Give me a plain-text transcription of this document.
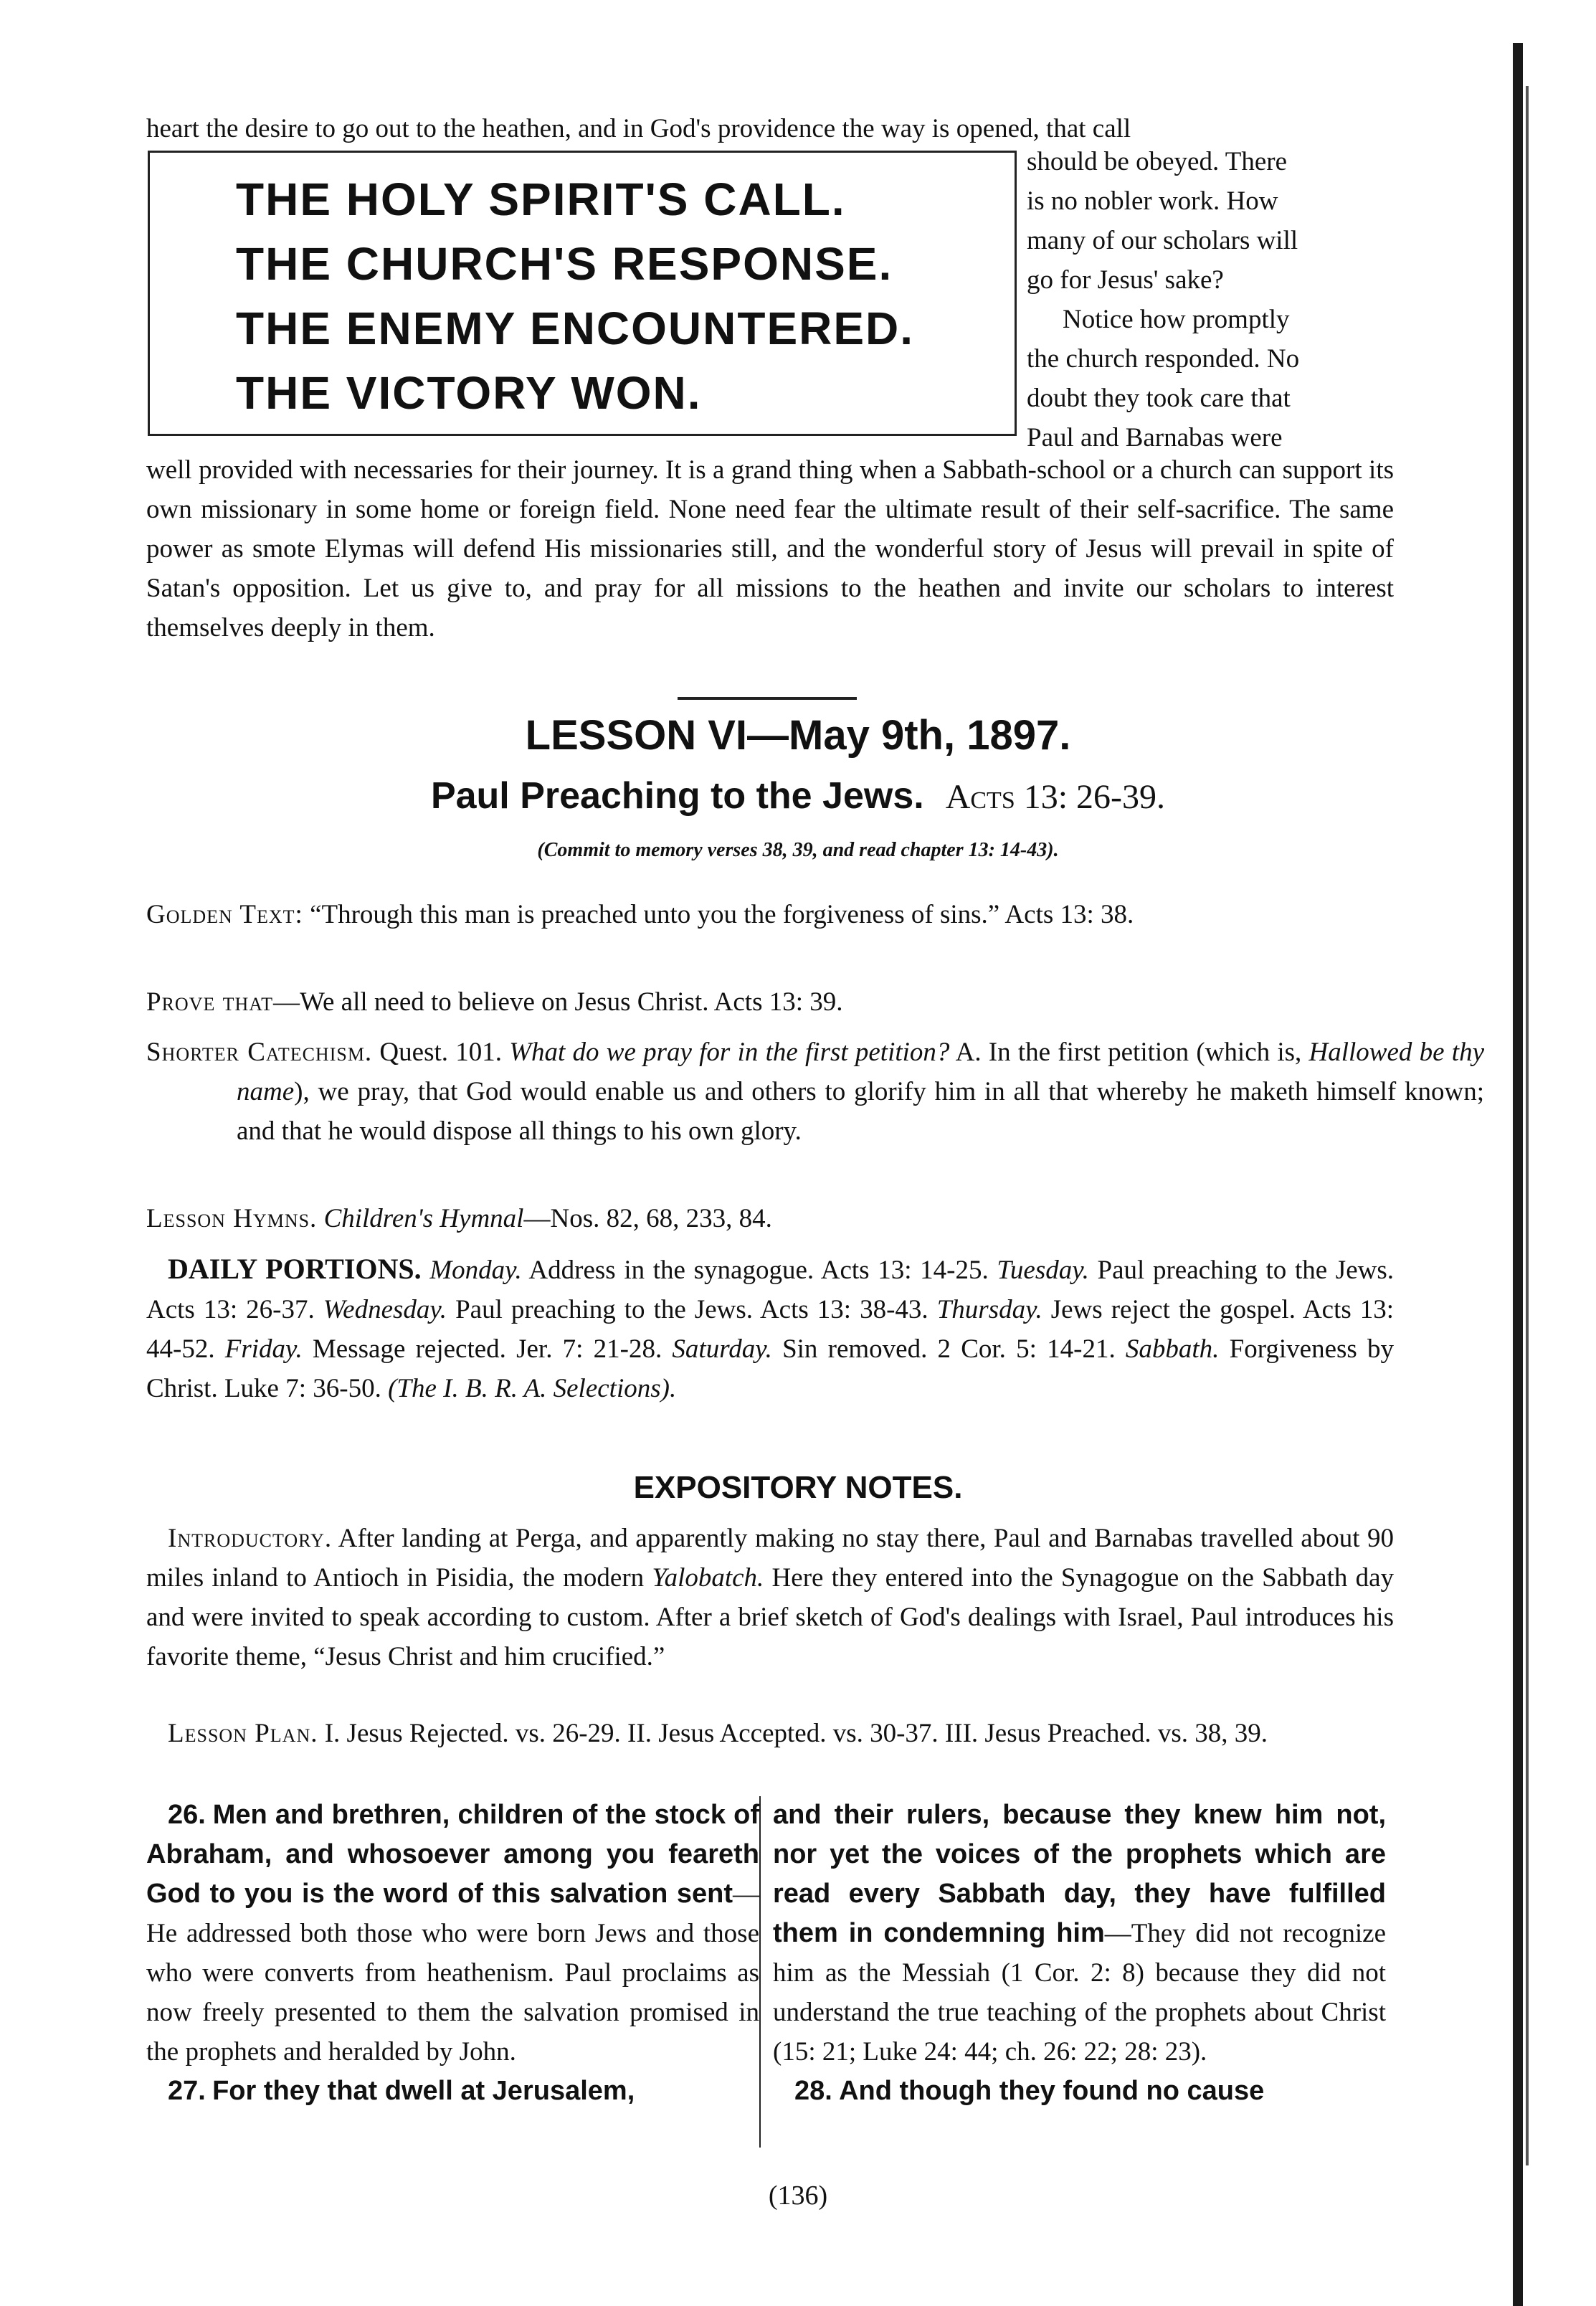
heart the desire to go out to the heathen, and in God's providence the way is opened, that call

THE HOLY SPIRIT'S CALL.
THE CHURCH'S RESPONSE.
THE ENEMY ENCOUNTERED.
THE VICTORY WON.
should be obeyed. There
is no nobler work. How
many of our scholars will
go for Jesus' sake?
Notice how promptly
the church responded. No
doubt they took care that
Paul and Barnabas were

well provided with necessaries for their journey. It is a grand thing when a Sabbath-school or a church can support its own missionary in some home or foreign field. None need fear the ultimate result of their self-sacrifice. The same power as smote Elymas will defend His missionaries still, and the wonderful story of Jesus will prevail in spite of Satan's opposition. Let us give to, and pray for all missions to the heathen and invite our scholars to interest themselves deeply in them.

LESSON VI—May 9th, 1897.
Paul Preaching to the Jews. Acts 13: 26-39.
(Commit to memory verses 38, 39, and read chapter 13: 14-43).
Golden Text: “Through this man is preached unto you the forgiveness of sins.” Acts 13: 38.
Prove that—We all need to believe on Jesus Christ. Acts 13: 39.
Shorter Catechism. Quest. 101. What do we pray for in the first petition? A. In the first petition (which is, Hallowed be thy name), we pray, that God would enable us and others to glorify him in all that whereby he maketh himself known; and that he would dispose all things to his own glory.
Lesson Hymns. Children's Hymnal—Nos. 82, 68, 233, 84.
DAILY PORTIONS. Monday. Address in the synagogue. Acts 13: 14-25. Tuesday. Paul preaching to the Jews. Acts 13: 26-37. Wednesday. Paul preaching to the Jews. Acts 13: 38-43. Thursday. Jews reject the gospel. Acts 13: 44-52. Friday. Message rejected. Jer. 7: 21-28. Saturday. Sin removed. 2 Cor. 5: 14-21. Sabbath. Forgiveness by Christ. Luke 7: 36-50. (The I. B. R. A. Selections).
EXPOSITORY NOTES.
Introductory. After landing at Perga, and apparently making no stay there, Paul and Barnabas travelled about 90 miles inland to Antioch in Pisidia, the modern Yalobatch. Here they entered into the Synagogue on the Sabbath day and were invited to speak according to custom. After a brief sketch of God's dealings with Israel, Paul introduces his favorite theme, “Jesus Christ and him crucified.”
Lesson Plan. I. Jesus Rejected. vs. 26-29. II. Jesus Accepted. vs. 30-37. III. Jesus Preached. vs. 38, 39.
26. Men and brethren, children of the stock of Abraham, and whosoever among you feareth God to you is the word of this salvation sent—He addressed both those who were born Jews and those who were converts from heathenism. Paul proclaims as now freely presented to them the salvation promised in the prophets and heralded by John.
27. For they that dwell at Jerusalem,
and their rulers, because they knew him not, nor yet the voices of the prophets which are read every Sabbath day, they have fulfilled them in condemning him—They did not recognize him as the Messiah (1 Cor. 2: 8) because they did not understand the true teaching of the prophets about Christ (15: 21; Luke 24: 44; ch. 26: 22; 28: 23).
28. And though they found no cause
(136)
